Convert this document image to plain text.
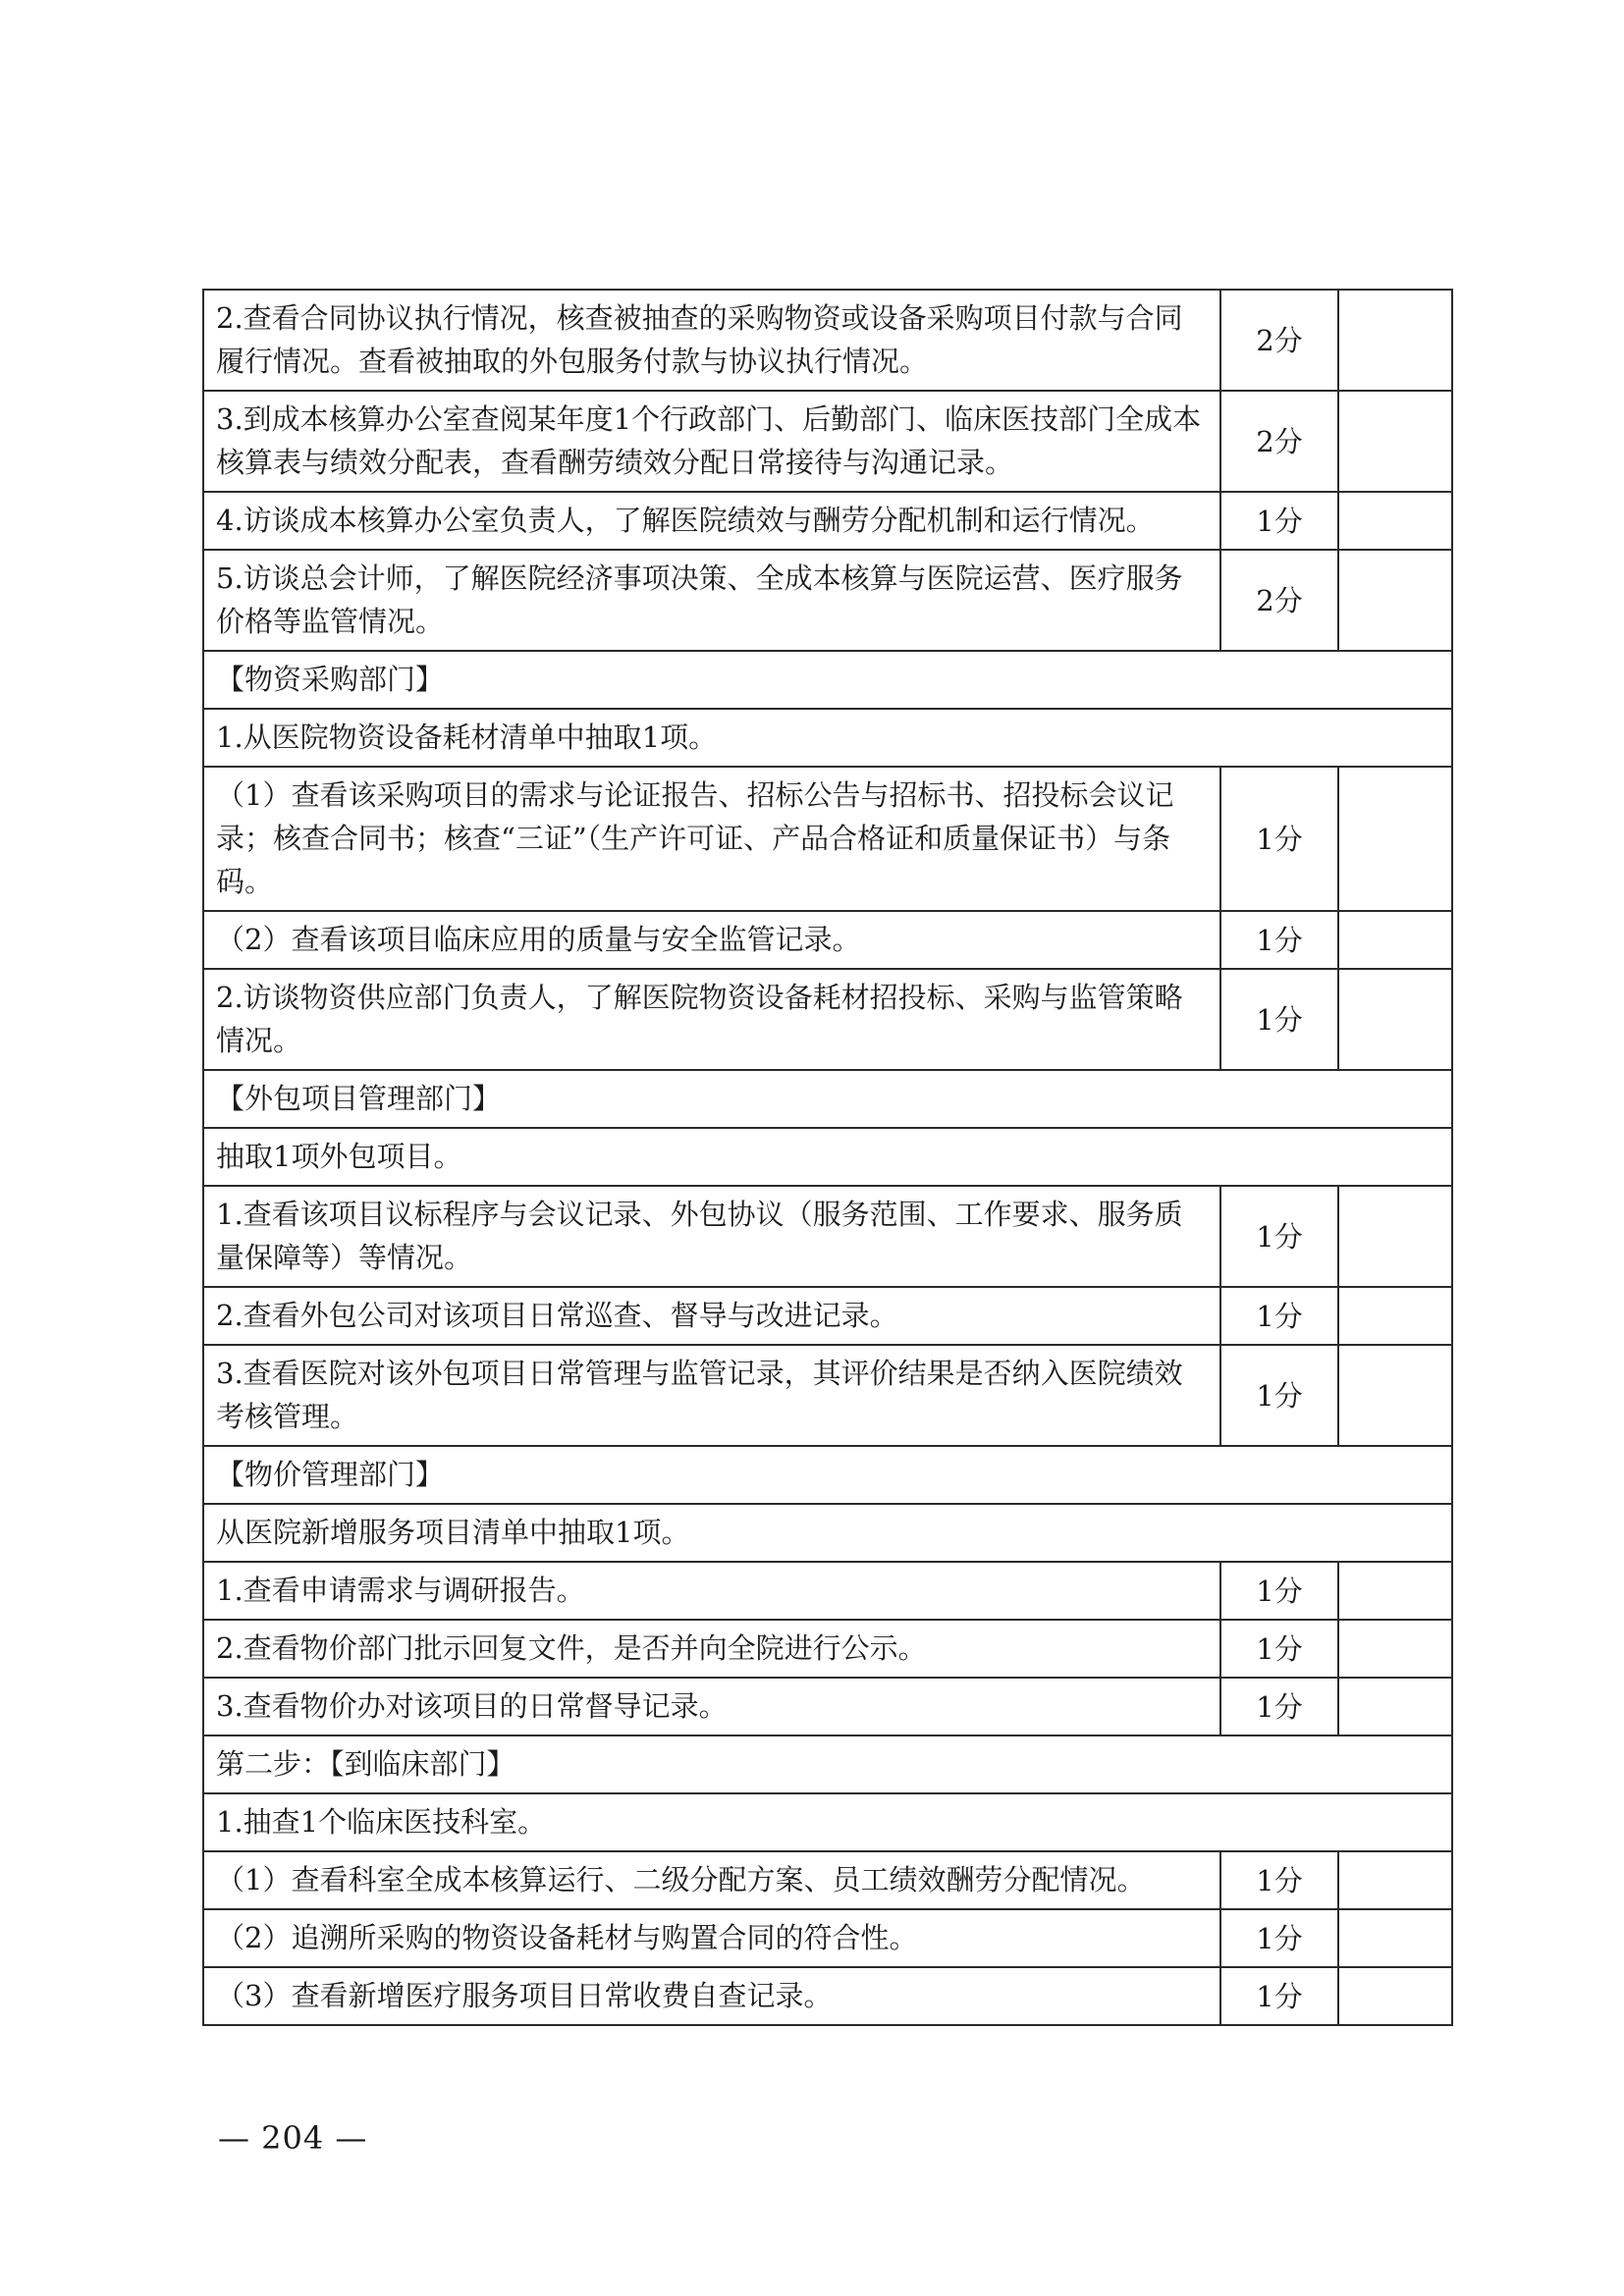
2.查看合同协议执行情况，核查被抽查的采购物资或设备采购项目付款与合同履行情况。查看被抽取的外包服务付款与协议执行情况。	2分	
3.到成本核算办公室查阅某年度1个行政部门、后勤部门、临床医技部门全成本核算表与绩效分配表，查看酬劳绩效分配日常接待与沟通记录。	2分	
4.访谈成本核算办公室负责人，了解医院绩效与酬劳分配机制和运行情况。	1分	
5.访谈总会计师，了解医院经济事项决策、全成本核算与医院运营、医疗服务价格等监管情况。	2分	
【物资采购部门】		
1.从医院物资设备耗材清单中抽取1项。		
（1）查看该采购项目的需求与论证报告、招标公告与招标书、招投标会议记录；核查合同书；核查“三证”（生产许可证、产品合格证和质量保证书）与条码。	1分	
（2）查看该项目临床应用的质量与安全监管记录。	1分	
2.访谈物资供应部门负责人，了解医院物资设备耗材招投标、采购与监管策略情况。	1分	
【外包项目管理部门】		
抽取1项外包项目。		
1.查看该项目议标程序与会议记录、外包协议（服务范围、工作要求、服务质量保障等）等情况。	1分	
2.查看外包公司对该项目日常巡查、督导与改进记录。	1分	
3.查看医院对该外包项目日常管理与监管记录，其评价结果是否纳入医院绩效考核管理。	1分	
【物价管理部门】		
从医院新增服务项目清单中抽取1项。		
1.查看申请需求与调研报告。	1分	
2.查看物价部门批示回复文件，是否并向全院进行公示。	1分	
3.查看物价办对该项目的日常督导记录。	1分	
第二步：【到临床部门】		
1.抽查1个临床医技科室。		
（1）查看科室全成本核算运行、二级分配方案、员工绩效酬劳分配情况。	1分	
（2）追溯所采购的物资设备耗材与购置合同的符合性。	1分	
（3）查看新增医疗服务项目日常收费自查记录。	1分	
— 204 —
